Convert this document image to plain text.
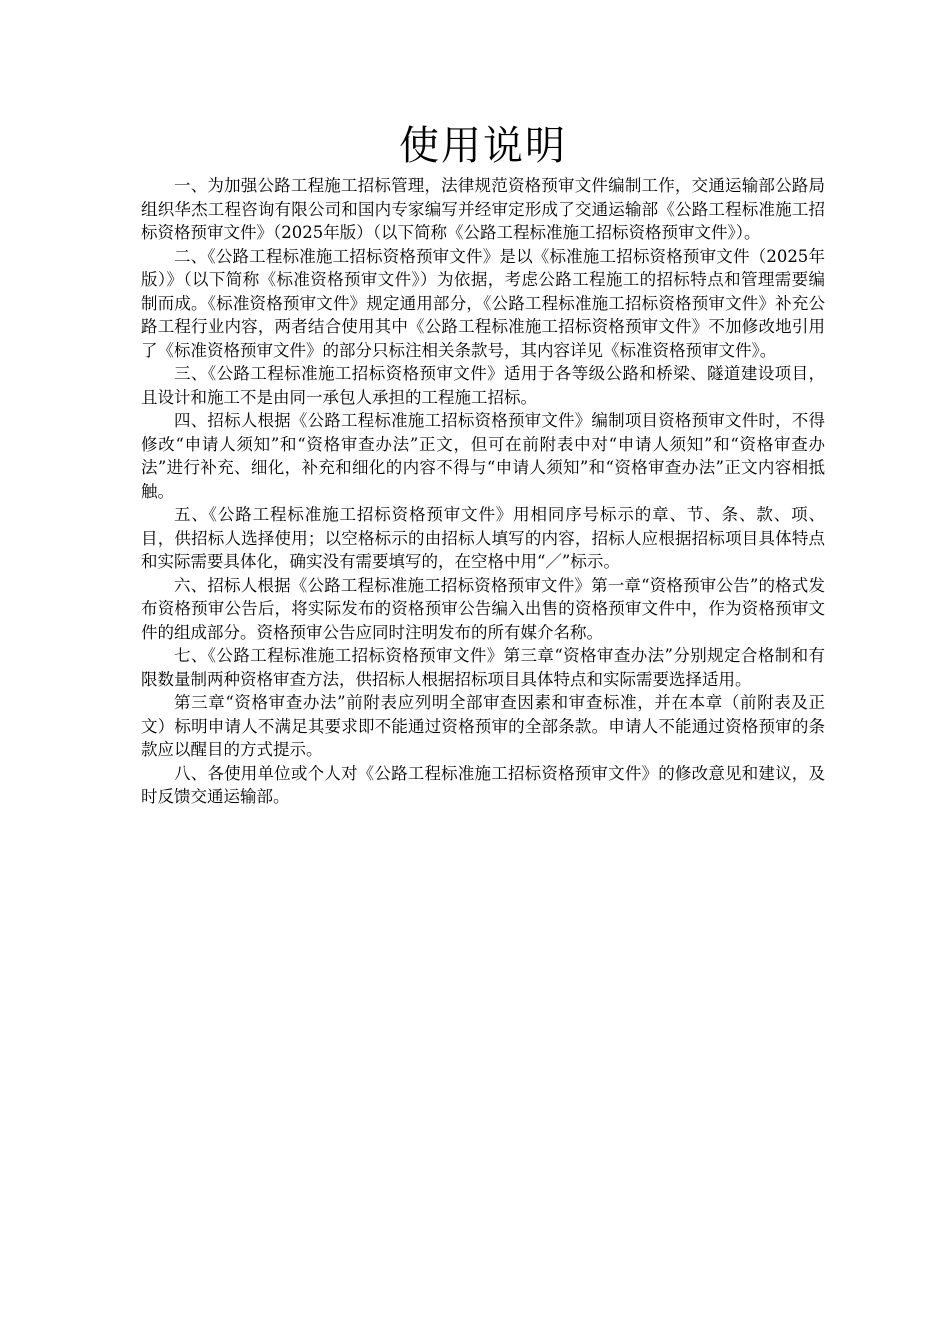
使用说明

一、为加强公路工程施工招标管理，法律规范资格预审文件编制工作，交通运输部公路局组织华杰工程咨询有限公司和国内专家编写并经审定形成了交通运输部《公路工程标准施工招标资格预审文件》（2025年版）（以下简称《公路工程标准施工招标资格预审文件》）。

二、《公路工程标准施工招标资格预审文件》是以《标准施工招标资格预审文件（2025年版）》（以下简称《标准资格预审文件》）为依据，考虑公路工程施工的招标特点和管理需要编制而成。《标准资格预审文件》规定通用部分，《公路工程标准施工招标资格预审文件》补充公路工程行业内容，两者结合使用其中《公路工程标准施工招标资格预审文件》不加修改地引用了《标准资格预审文件》的部分只标注相关条款号，其内容详见《标准资格预审文件》。

三、《公路工程标准施工招标资格预审文件》适用于各等级公路和桥梁、隧道建设项目，且设计和施工不是由同一承包人承担的工程施工招标。

四、招标人根据《公路工程标准施工招标资格预审文件》编制项目资格预审文件时，不得修改“申请人须知”和“资格审查办法”正文，但可在前附表中对“申请人须知”和“资格审查办法”进行补充、细化，补充和细化的内容不得与“申请人须知”和“资格审查办法”正文内容相抵触。

五、《公路工程标准施工招标资格预审文件》用相同序号标示的章、节、条、款、项、目，供招标人选择使用；以空格标示的由招标人填写的内容，招标人应根据招标项目具体特点和实际需要具体化，确实没有需要填写的，在空格中用“／”标示。

六、招标人根据《公路工程标准施工招标资格预审文件》第一章“资格预审公告”的格式发布资格预审公告后，将实际发布的资格预审公告编入出售的资格预审文件中，作为资格预审文件的组成部分。资格预审公告应同时注明发布的所有媒介名称。

七、《公路工程标准施工招标资格预审文件》第三章“资格审查办法”分别规定合格制和有限数量制两种资格审查方法，供招标人根据招标项目具体特点和实际需要选择适用。

第三章“资格审查办法”前附表应列明全部审查因素和审查标准，并在本章（前附表及正文）标明申请人不满足其要求即不能通过资格预审的全部条款。申请人不能通过资格预审的条款应以醒目的方式提示。

八、各使用单位或个人对《公路工程标准施工招标资格预审文件》的修改意见和建议，及时反馈交通运输部。
